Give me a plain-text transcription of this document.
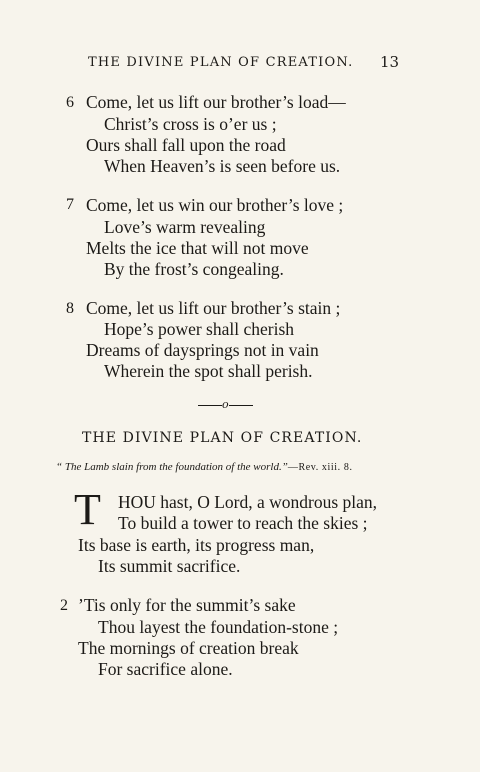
THE DIVINE PLAN OF CREATION. 13
6 Come, let us lift our brother’s load—
Christ’s cross is o’er us ;
Ours shall fall upon the road
When Heaven’s is seen before us.
7 Come, let us win our brother’s love ;
Love’s warm revealing
Melts the ice that will not move
By the frost’s congealing.
8 Come, let us lift our brother’s stain ;
Hope’s power shall cherish
Dreams of daysprings not in vain
Wherein the spot shall perish.
o
THE DIVINE PLAN OF CREATION.
“ The Lamb slain from the foundation of the world.”—Rev. xiii. 8.
T HOU hast, O Lord, a wondrous plan,
To build a tower to reach the skies ;
Its base is earth, its progress man,
Its summit sacrifice.
2 ’Tis only for the summit’s sake
Thou layest the foundation-stone ;
The mornings of creation break
For sacrifice alone.
